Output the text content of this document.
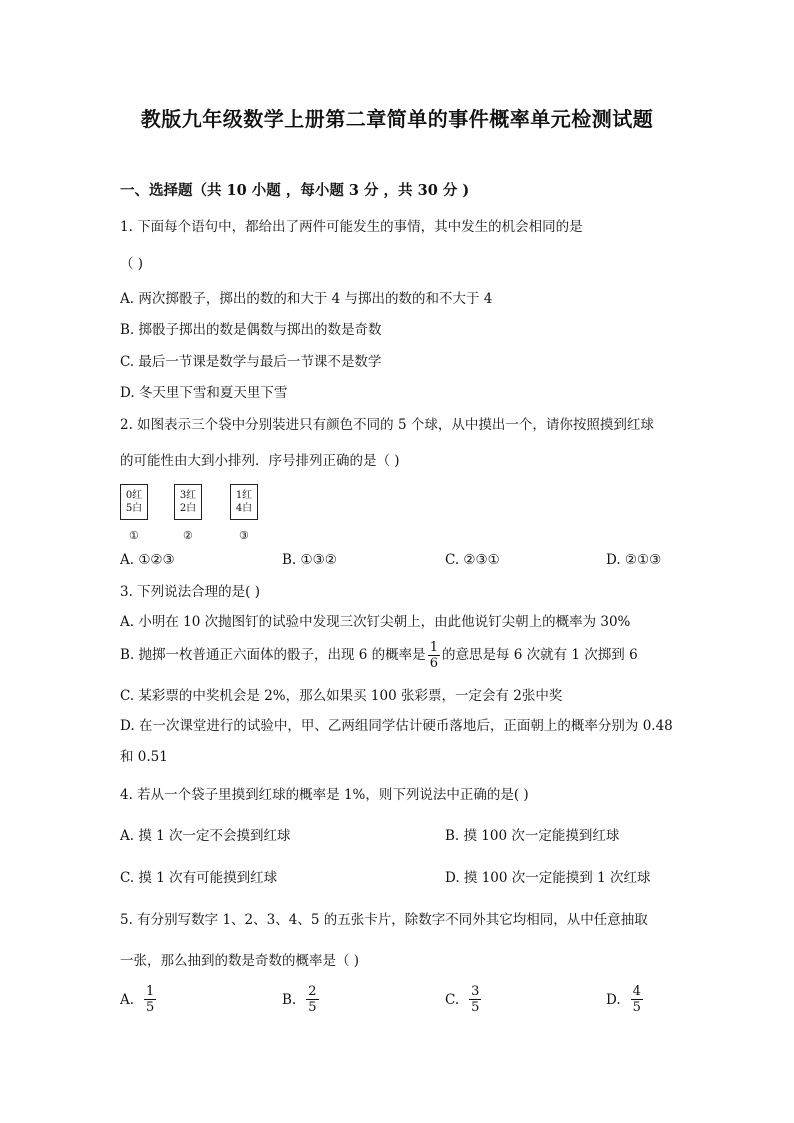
教版九年级数学上册第二章简单的事件概率单元检测试题
一、选择题（共 10 小题 ，每小题 3 分 ，共 30 分 )
1. 下面每个语句中，都给出了两件可能发生的事情，其中发生的机会相同的是
（ )
A. 两次掷骰子，掷出的数的和大于 4 与掷出的数的和不大于 4
B. 掷骰子掷出的数是偶数与掷出的数是奇数
C. 最后一节课是数学与最后一节课不是数学
D. 冬天里下雪和夏天里下雪
2. 如图表示三个袋中分别装进只有颜色不同的 5 个球，从中摸出一个，请你按照摸到红球
的可能性由大到小排列．序号排列正确的是（ )
0红
5白
3红
2白
1红
4白
①	②	③
A. ①②③	B. ①③②	C. ②③①	D. ②①③
3. 下列说法合理的是( )
A. 小明在 10 次抛图钉的试验中发现三次钉尖朝上，由此他说钉尖朝上的概率为 30%
B. 抛掷一枚普通正六面体的骰子，出现 6 的概率是 $\frac{1}{6}$ 的意思是每 6 次就有 1 次掷到 6
C. 某彩票的中奖机会是 2%，那么如果买 100 张彩票，一定会有 2张中奖
D. 在一次课堂进行的试验中，甲、乙两组同学估计硬币落地后，正面朝上的概率分别为 0.48
和 0.51
4. 若从一个袋子里摸到红球的概率是 1%，则下列说法中正确的是( )
A. 摸 1 次一定不会摸到红球	B. 摸 100 次一定能摸到红球
C. 摸 1 次有可能摸到红球	D. 摸 100 次一定能摸到 1 次红球
5. 有分别写数字 1、2、3、4、5 的五张卡片，除数字不同外其它均相同，从中任意抽取
一张，那么抽到的数是奇数的概率是（ )
A. $\frac{1}{5}$	B. $\frac{2}{5}$	C. $\frac{3}{5}$	D. $\frac{4}{5}$
